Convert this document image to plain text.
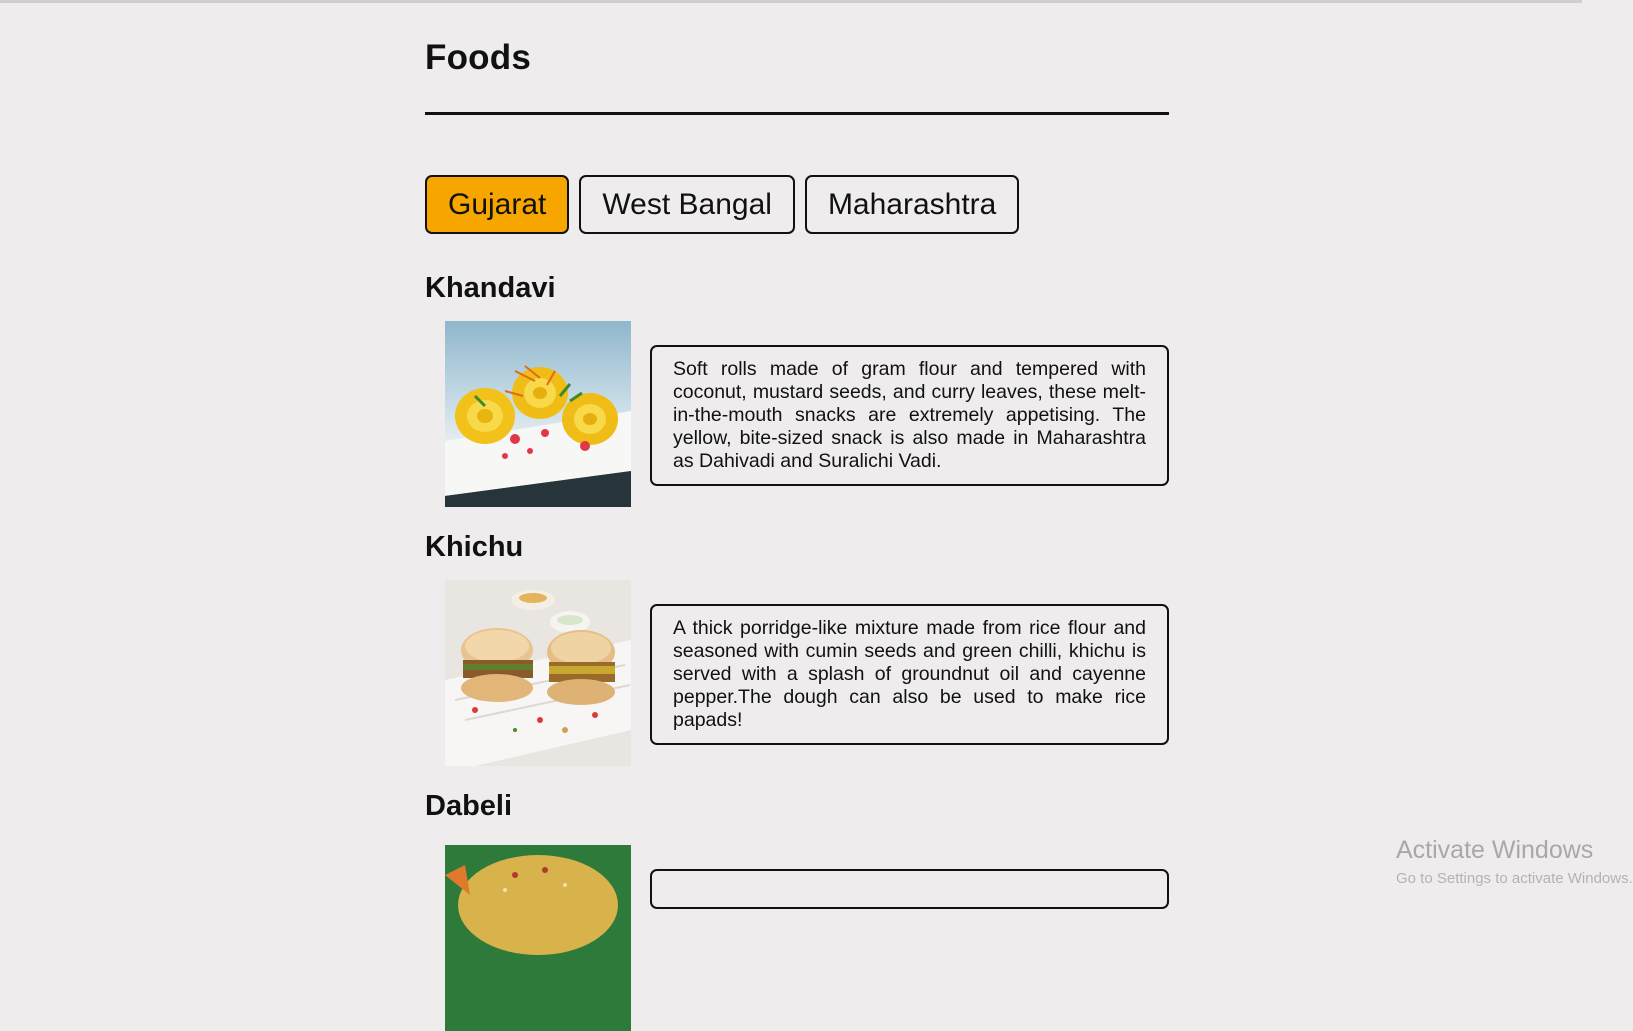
Foods
Gujarat	West Bangal	Maharashtra
Khandavi
Soft rolls made of gram flour and tempered with coconut, mustard seeds, and curry leaves, these melt-in-the-mouth snacks are extremely appetising. The yellow, bite-sized snack is also made in Maharashtra as Dahivadi and Suralichi Vadi.
Khichu
A thick porridge-like mixture made from rice flour and seasoned with cumin seeds and green chilli, khichu is served with a splash of groundnut oil and cayenne pepper.The dough can also be used to make rice papads!
Dabeli
Activate Windows
Go to Settings to activate Windows.
